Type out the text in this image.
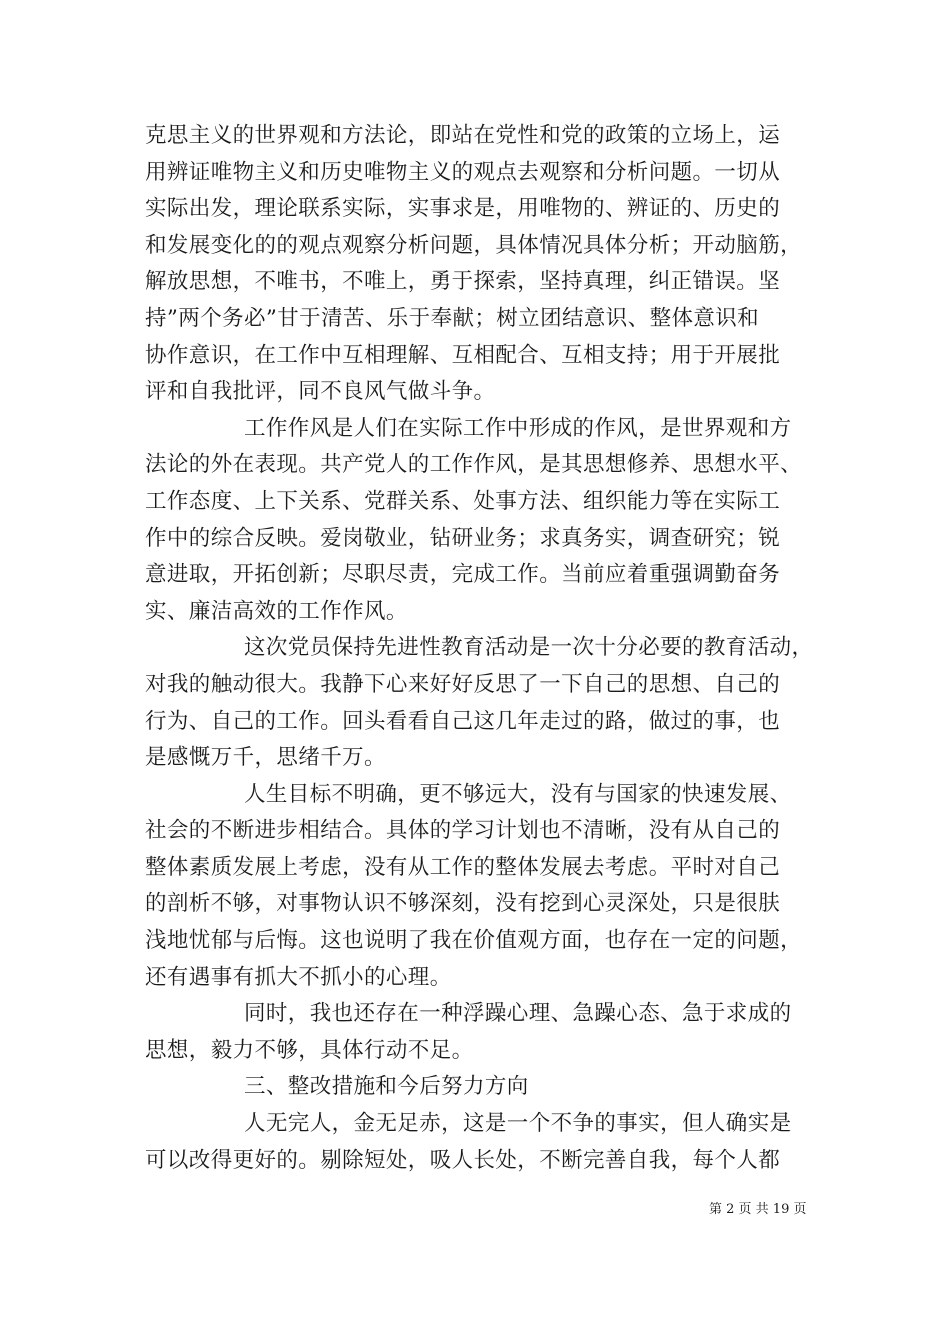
克思主义的世界观和方法论，即站在党性和党的政策的立场上，运
用辨证唯物主义和历史唯物主义的观点去观察和分析问题。一切从
实际出发，理论联系实际，实事求是，用唯物的、辨证的、历史的
和发展变化的的观点观察分析问题，具体情况具体分析；开动脑筋，
解放思想，不唯书，不唯上，勇于探索，坚持真理，纠正错误。坚
持”两个务必”甘于清苦、乐于奉献；树立团结意识、整体意识和
协作意识，在工作中互相理解、互相配合、互相支持；用于开展批
评和自我批评，同不良风气做斗争。
工作作风是人们在实际工作中形成的作风，是世界观和方
法论的外在表现。共产党人的工作作风，是其思想修养、思想水平、
工作态度、上下关系、党群关系、处事方法、组织能力等在实际工
作中的综合反映。爱岗敬业，钻研业务；求真务实，调查研究；锐
意进取，开拓创新；尽职尽责，完成工作。当前应着重强调勤奋务
实、廉洁高效的工作作风。
这次党员保持先进性教育活动是一次十分必要的教育活动，
对我的触动很大。我静下心来好好反思了一下自己的思想、自己的
行为、自己的工作。回头看看自己这几年走过的路，做过的事，也
是感慨万千，思绪千万。
人生目标不明确，更不够远大，没有与国家的快速发展、
社会的不断进步相结合。具体的学习计划也不清晰，没有从自己的
整体素质发展上考虑，没有从工作的整体发展去考虑。平时对自己
的剖析不够，对事物认识不够深刻，没有挖到心灵深处，只是很肤
浅地忧郁与后悔。这也说明了我在价值观方面，也存在一定的问题，
还有遇事有抓大不抓小的心理。
同时，我也还存在一种浮躁心理、急躁心态、急于求成的
思想，毅力不够，具体行动不足。
三、整改措施和今后努力方向
人无完人，金无足赤，这是一个不争的事实，但人确实是
可以改得更好的。剔除短处，吸人长处，不断完善自我，每个人都
第 2 页 共 19 页
